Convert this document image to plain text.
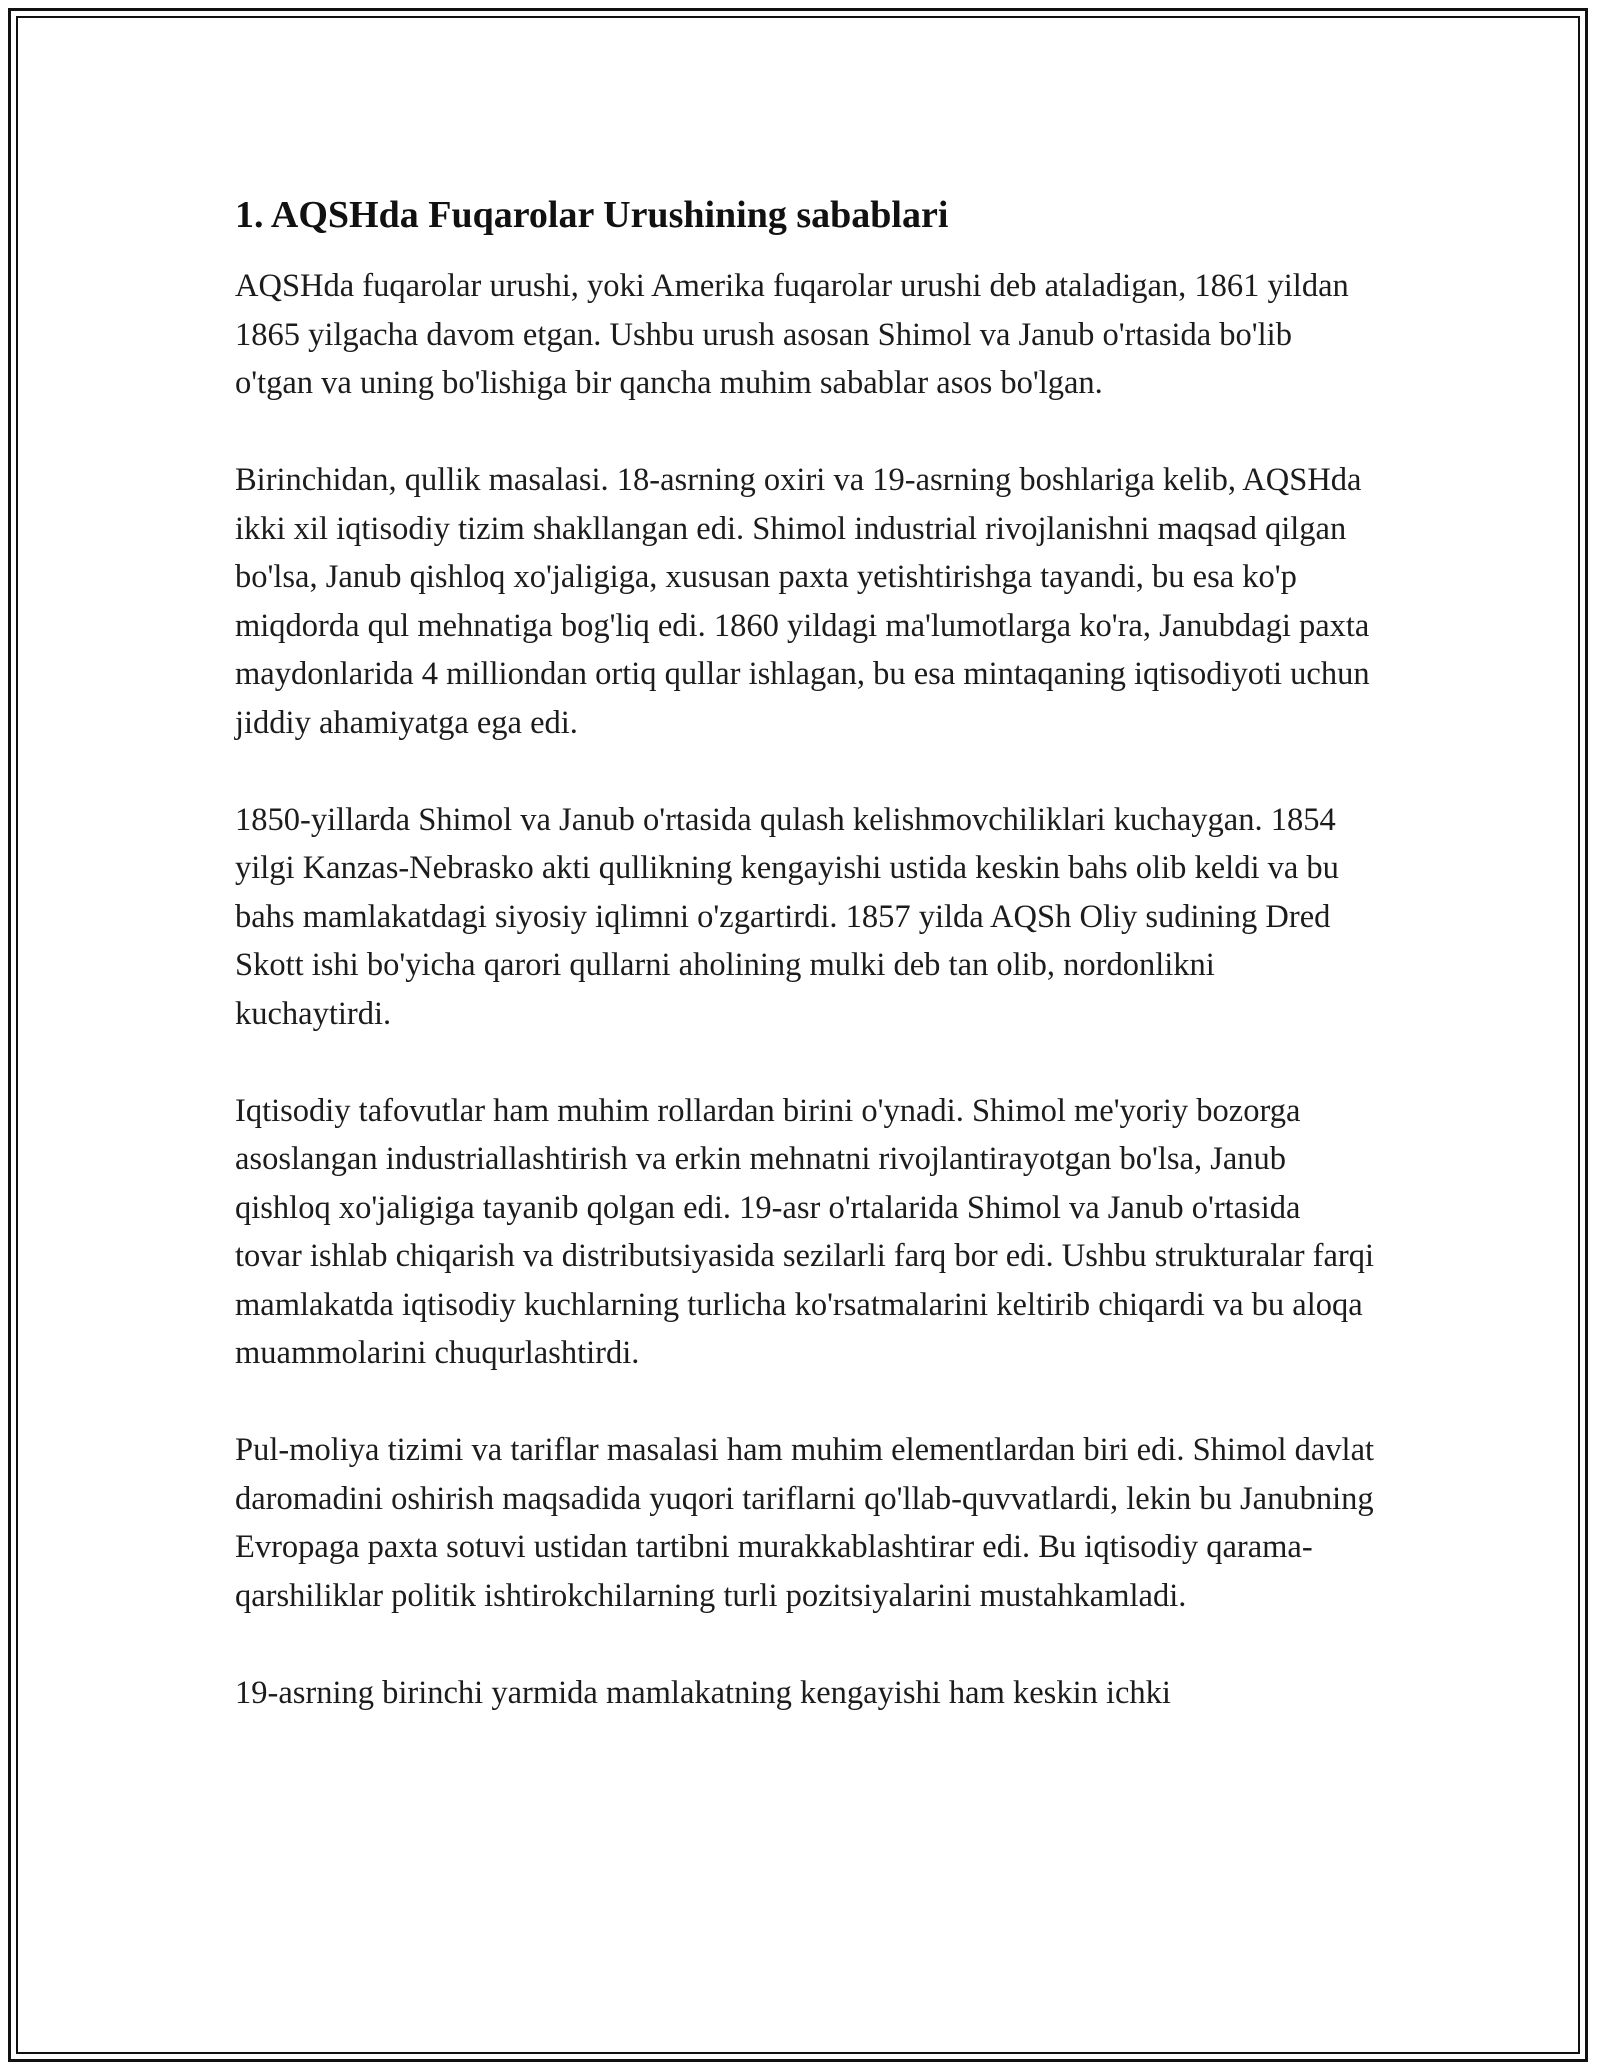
1. AQSHda Fuqarolar Urushining sabablari

AQSHda fuqarolar urushi, yoki Amerika fuqarolar urushi deb ataladigan, 1861 yildan 1865 yilgacha davom etgan. Ushbu urush asosan Shimol va Janub o'rtasida bo'lib o'tgan va uning bo'lishiga bir qancha muhim sabablar asos bo'lgan.

Birinchidan, qullik masalasi. 18-asrning oxiri va 19-asrning boshlariga kelib, AQSHda ikki xil iqtisodiy tizim shakllangan edi. Shimol industrial rivojlanishni maqsad qilgan bo'lsa, Janub qishloq xo'jaligiga, xususan paxta yetishtirishga tayandi, bu esa ko'p miqdorda qul mehnatiga bog'liq edi. 1860 yildagi ma'lumotlarga ko'ra, Janubdagi paxta maydonlarida 4 milliondan ortiq qullar ishlagan, bu esa mintaqaning iqtisodiyoti uchun jiddiy ahamiyatga ega edi.

1850-yillarda Shimol va Janub o'rtasida qulash kelishmovchiliklari kuchaygan. 1854 yilgi Kanzas-Nebrasko akti qullikning kengayishi ustida keskin bahs olib keldi va bu bahs mamlakatdagi siyosiy iqlimni o'zgartirdi. 1857 yilda AQSh Oliy sudining Dred Skott ishi bo'yicha qarori qullarni aholining mulki deb tan olib, nordonlikni kuchaytirdi.

Iqtisodiy tafovutlar ham muhim rollardan birini o'ynadi. Shimol me'yoriy bozorga asoslangan industriallashtirish va erkin mehnatni rivojlantirayotgan bo'lsa, Janub qishloq xo'jaligiga tayanib qolgan edi. 19-asr o'rtalarida Shimol va Janub o'rtasida tovar ishlab chiqarish va distributsiyasida sezilarli farq bor edi. Ushbu strukturalar farqi mamlakatda iqtisodiy kuchlarning turlicha ko'rsatmalarini keltirib chiqardi va bu aloqa muammolarini chuqurlashtirdi.

Pul-moliya tizimi va tariflar masalasi ham muhim elementlardan biri edi. Shimol davlat daromadini oshirish maqsadida yuqori tariflarni qo'llab-quvvatlardi, lekin bu Janubning Evropaga paxta sotuvi ustidan tartibni murakkablashtirar edi. Bu iqtisodiy qarama-qarshiliklar politik ishtirokchilarning turli pozitsiyalarini mustahkamladi.

19-asrning birinchi yarmida mamlakatning kengayishi ham keskin ichki
